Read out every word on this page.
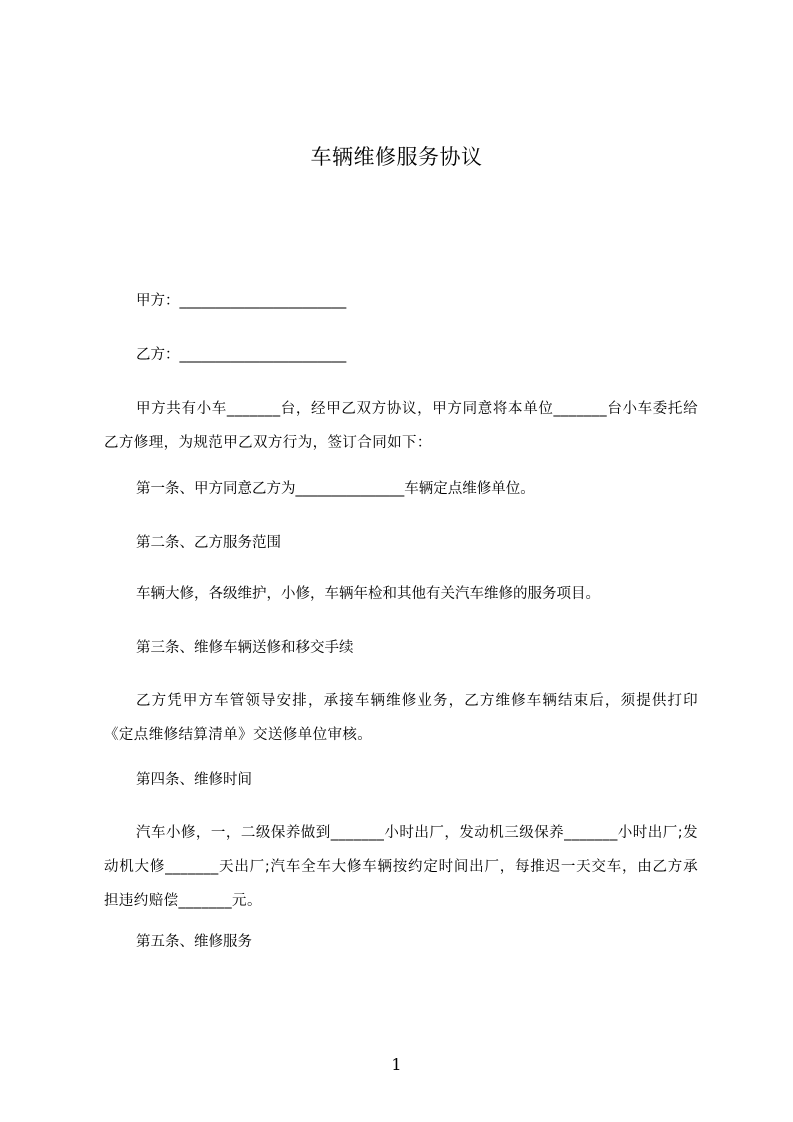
车辆维修服务协议
甲方：_______________________
乙方：_______________________
甲方共有小车_______台，经甲乙双方协议，甲方同意将本单位_______台小车委托给乙方修理，为规范甲乙双方行为，签订合同如下：
第一条、甲方同意乙方为_______________车辆定点维修单位。
第二条、乙方服务范围
车辆大修，各级维护，小修，车辆年检和其他有关汽车维修的服务项目。
第三条、维修车辆送修和移交手续
乙方凭甲方车管领导安排，承接车辆维修业务，乙方维修车辆结束后，须提供打印《定点维修结算清单》交送修单位审核。
第四条、维修时间
汽车小修，一，二级保养做到_______小时出厂，发动机三级保养_______小时出厂;发动机大修_______天出厂;汽车全车大修车辆按约定时间出厂，每推迟一天交车，由乙方承担违约赔偿_______元。
第五条、维修服务
1
